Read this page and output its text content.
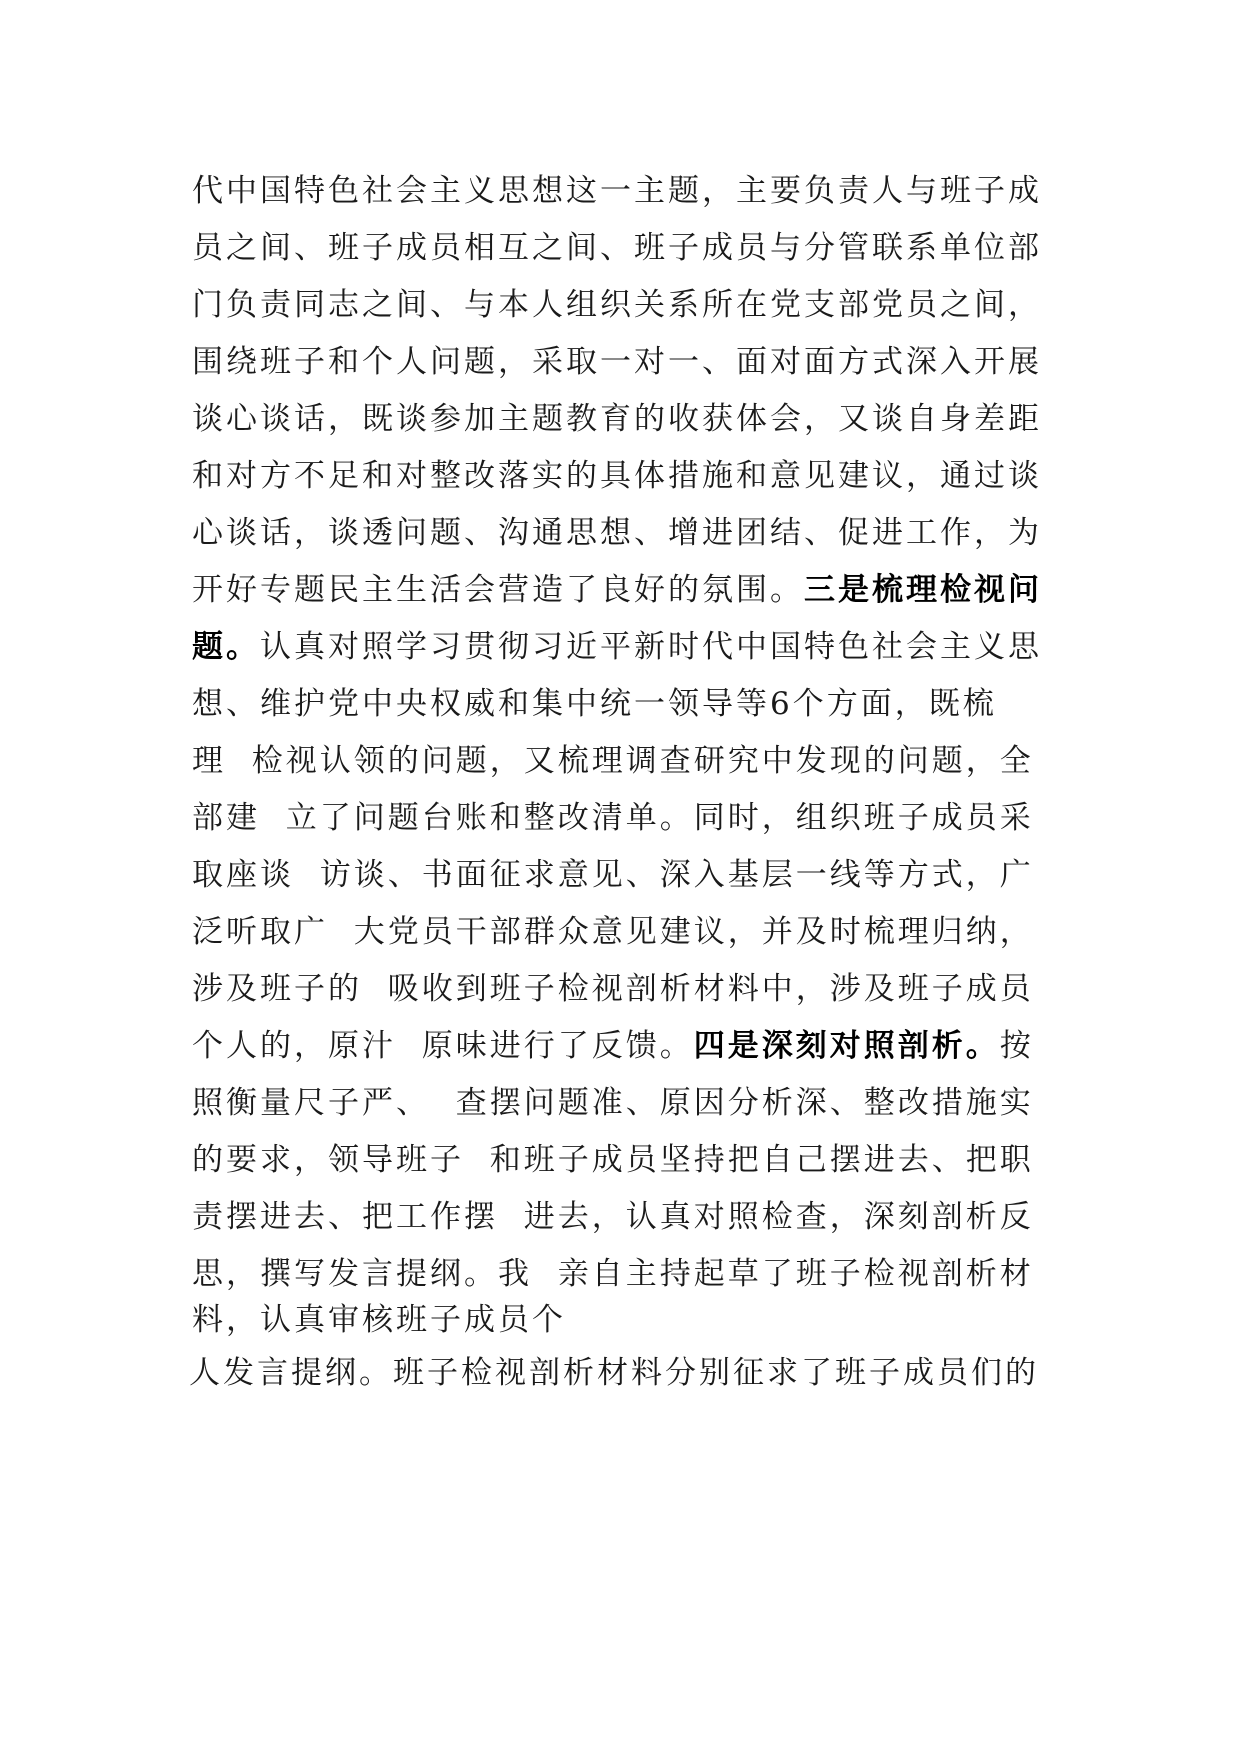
代中国特色社会主义思想这一主题，主要负责人与班子成
员之间、班子成员相互之间、班子成员与分管联系单位部
门负责同志之间、与本人组织关系所在党支部党员之间，
围绕班子和个人问题，采取一对一、面对面方式深入开展
谈心谈话，既谈参加主题教育的收获体会，又谈自身差距
和对方不足和对整改落实的具体措施和意见建议，通过谈
心谈话，谈透问题、沟通思想、增进团结、促进工作，为
开好专题民主生活会营造了良好的氛围。三是梳理检视问
题。认真对照学习贯彻习近平新时代中国特色社会主义思
想、维护党中央权威和集中统一领导等6个方面，既梳
理  检视认领的问题，又梳理调查研究中发现的问题，全
部建  立了问题台账和整改清单。同时，组织班子成员采
取座谈  访谈、书面征求意见、深入基层一线等方式，广
泛听取广  大党员干部群众意见建议，并及时梳理归纳，
涉及班子的  吸收到班子检视剖析材料中，涉及班子成员
个人的，原汁  原味进行了反馈。四是深刻对照剖析。按
照衡量尺子严、  查摆问题准、原因分析深、整改措施实
的要求，领导班子  和班子成员坚持把自己摆进去、把职
责摆进去、把工作摆  进去，认真对照检查，深刻剖析反
思，撰写发言提纲。我  亲自主持起草了班子检视剖析材
料，认真审核班子成员个
人发言提纲。班子检视剖析材料分别征求了班子成员们的
